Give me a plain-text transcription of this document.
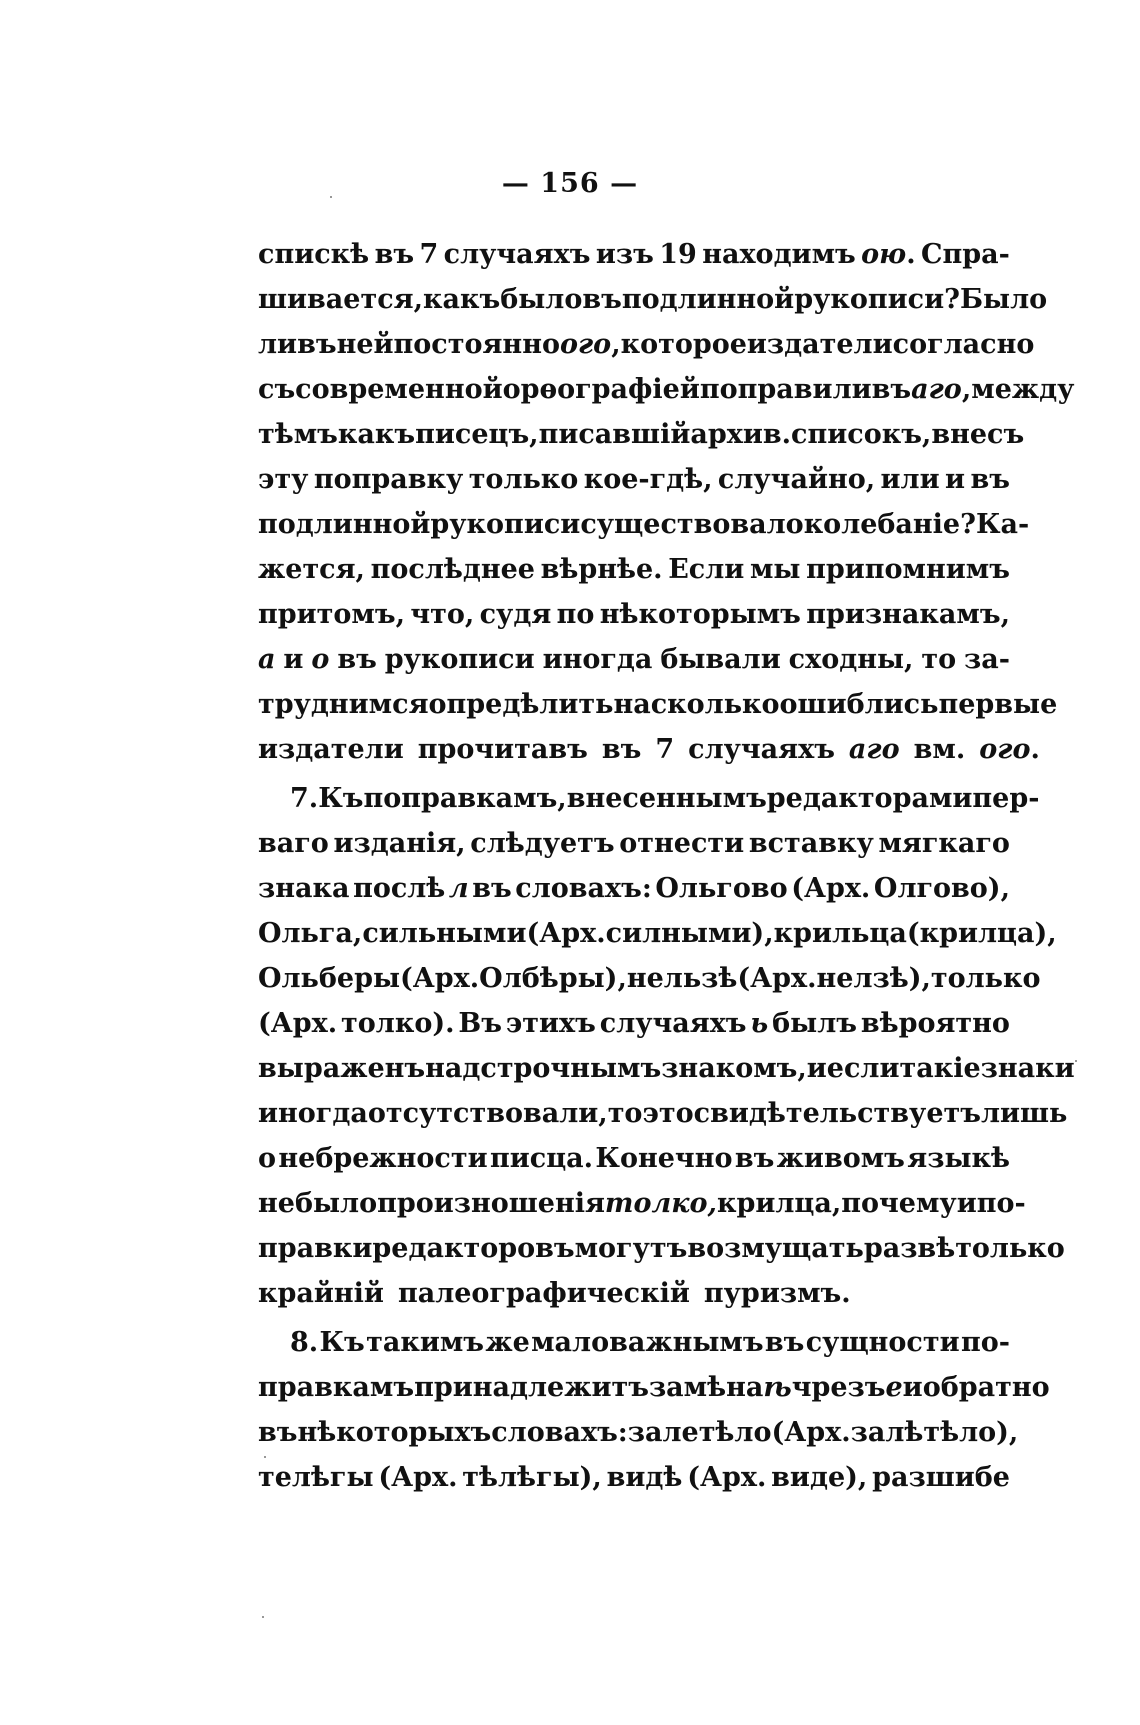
— 156 —
спискѣ въ 7 случаяхъ изъ 19 находимъ ою. Спра-
шивается, какъ было въ подлинной рукописи? Было
ли въ ней постоянно ого, которое издатели согласно
съ современной орѳографіей поправили въ аго, между
тѣмъ какъ писецъ, писавшій архив. списокъ, внесъ
эту поправку только кое-гдѣ, случайно, или и въ
подлинной рукописи существовало колебаніе? Ка-
жется, послѣднее вѣрнѣе. Если мы припомнимъ
притомъ, что, судя по нѣкоторымъ признакамъ,
а и о въ рукописи иногда бывали сходны, то за-
труднимся опредѣлить насколько ошиблись первые
издатели прочитавъ въ 7 случаяхъ аго вм. ого.
7. Къ поправкамъ, внесеннымъ редакторами пер-
ваго изданія, слѣдуетъ отнести вставку мягкаго
знака послѣ л въ словахъ: Ольгово (Арх. Олгово),
Ольга, сильными (Арх. силными), крильца (крилца),
Ольберы (Арх. Олбѣры), нельзѣ (Арх. нелзѣ), только
(Арх. толко). Въ этихъ случаяхъ ь былъ вѣроятно
выраженъ надстрочнымъ знакомъ, и если такіе знаки
иногда отсутствовали, то это свидѣтельствуетъ лишь
о небрежности писца. Конечно въ живомъ языкѣ
не было произношенія толко, крилца, почему и по-
правки редакторовъ могутъ возмущать развѣ только
крайній палеографическій пуризмъ.
8. Къ такимъ же маловажнымъ въ сущности по-
правкамъ принадлежитъ замѣна ѣ чрезъ е и обратно
въ нѣкоторыхъ словахъ: залетѣло (Арх. залѣтѣло),
телѣгы (Арх. тѣлѣгы), видѣ (Арх. виде), разшибе
